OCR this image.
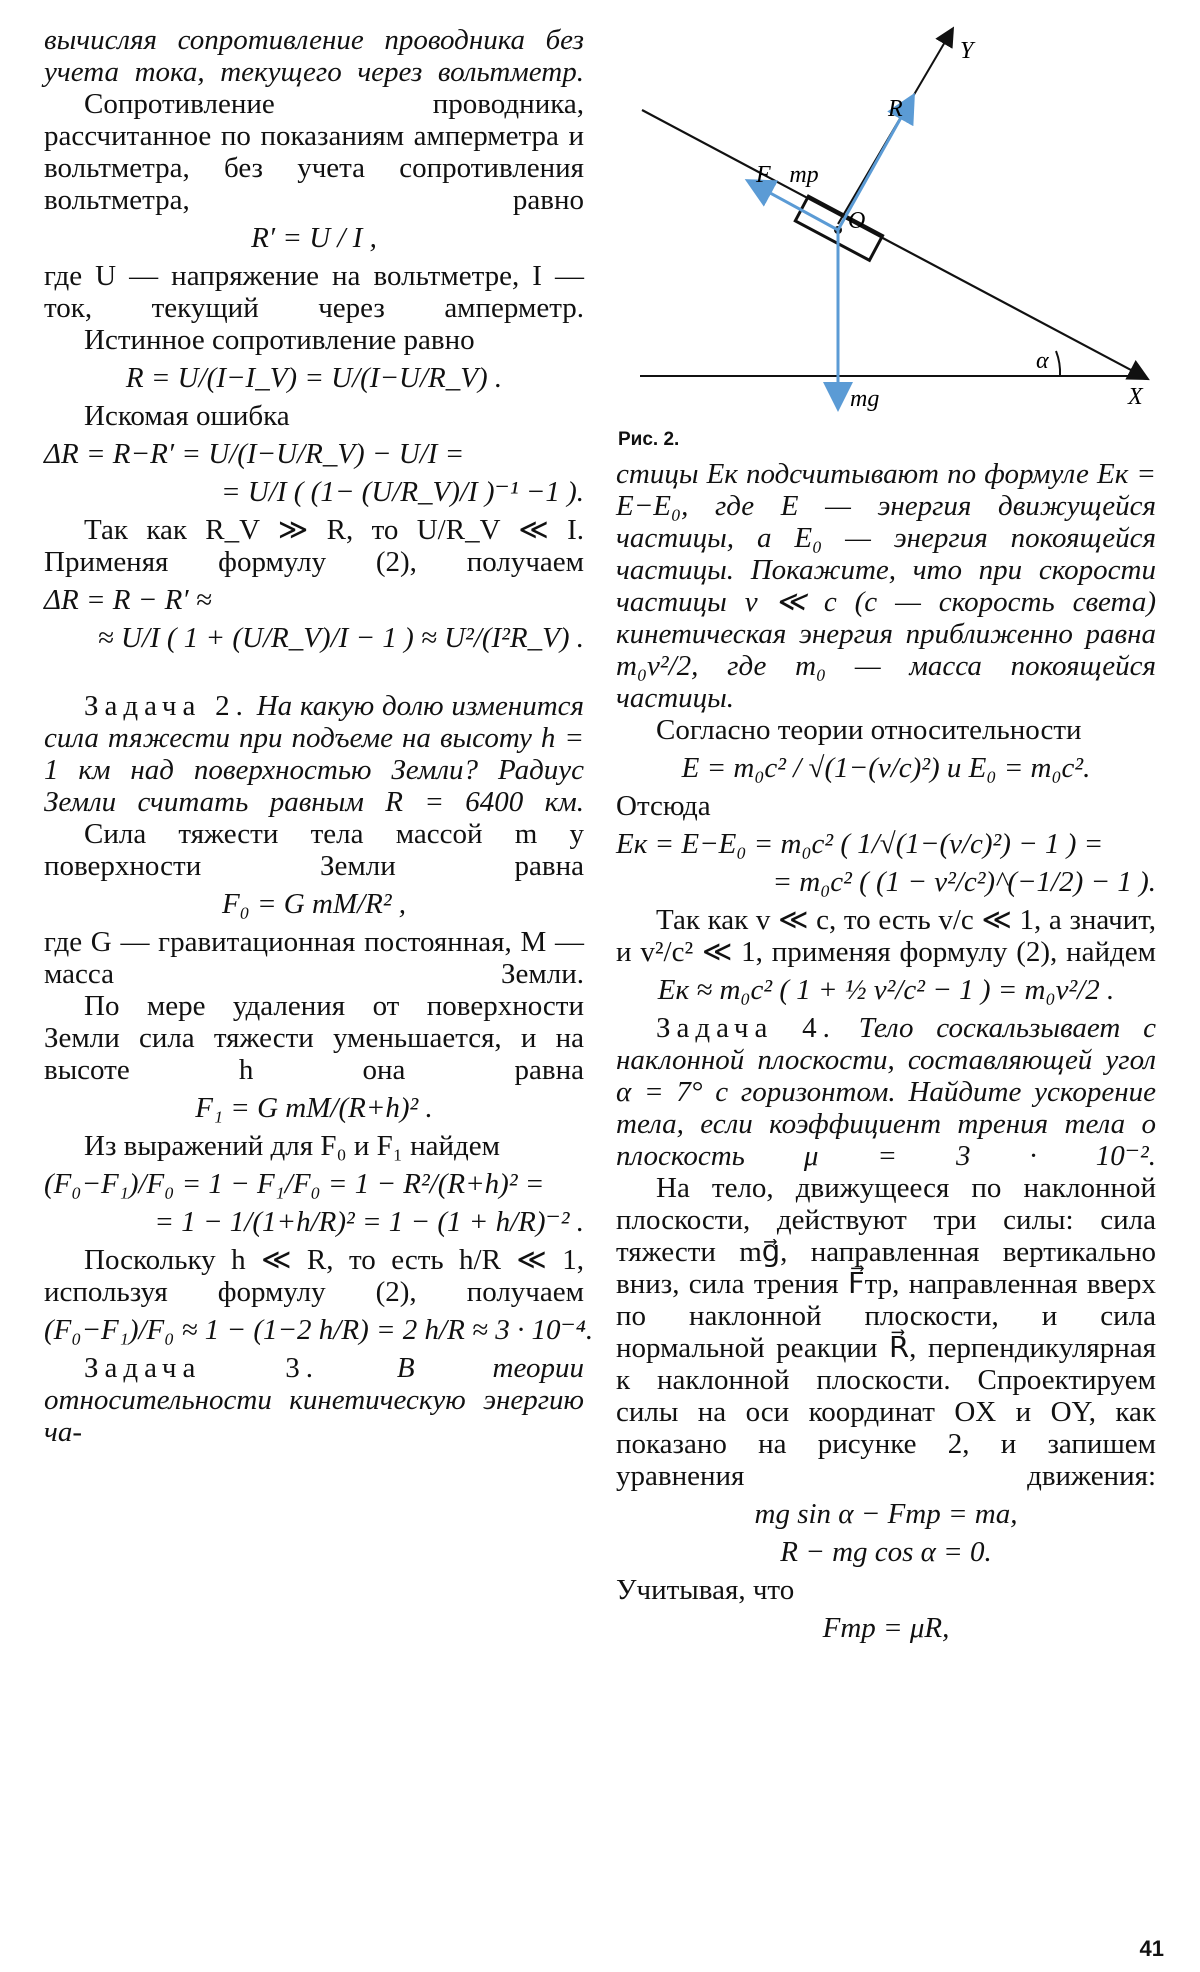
вычисляя сопротивление проводника без учета тока, текущего через вольтметр.

Сопротивление проводника, рассчитанное по показаниям амперметра и вольтметра, без учета сопротивления вольтметра, равно

R′ = U / I ,

где U — напряжение на вольтметре, I — ток, текущий через амперметр.

Истинное сопротивление равно

R = U/(I−I_V) = U/(I−U/R_V) .

Искомая ошибка

ΔR = R−R′ = U/(I−U/R_V) − U/I =

= U/I ( (1− (U/R_V)/I )⁻¹ −1 ).

Так как R_V ≫ R, то U/R_V ≪ I. Применяя формулу (2), получаем

ΔR = R − R′ ≈

≈ U/I ( 1 + (U/R_V)/I − 1 ) ≈ U²/(I²R_V) .

Задача 2. На какую долю изменится сила тяжести при подъеме на высоту h = 1 км над поверхностью Земли? Радиус Земли считать равным R = 6400 км.

Сила тяжести тела массой m у поверхности Земли равна

F₀ = G mM/R² ,

где G — гравитационная постоянная, M — масса Земли.

По мере удаления от поверхности Земли сила тяжести уменьшается, и на высоте h она равна

F₁ = G mM/(R+h)² .

Из выражений для F₀ и F₁ найдем

(F₀−F₁)/F₀ = 1 − F₁/F₀ = 1 − R²/(R+h)² =

= 1 − 1/(1+h/R)² = 1 − (1 + h/R)⁻² .

Поскольку h ≪ R, то есть h/R ≪ 1, используя формулу (2), получаем

(F₀−F₁)/F₀ ≈ 1 − (1−2 h/R) = 2 h/R ≈ 3 · 10⁻⁴.

Задача 3.	В теории относительности кинетическую энергию ча-

Y
R⃗
F⃗тр
O
α
X
mg⃗

Рис. 2.

стицы Eк подсчитывают по формуле Eк = E−E₀, где E — энергия движущейся частицы, а E₀ — энергия покоящейся частицы. Покажите, что при скорости частицы v ≪ c (c — скорость света) кинетическая энергия приближенно равна m₀v²/2, где m₀ — масса покоящейся частицы.

Согласно теории относительности

E = m₀c² / √(1−(v/c)²) и E₀ = m₀c².

Отсюда

Eк = E−E₀ = m₀c² ( 1/√(1−(v/c)²) − 1 ) =

= m₀c² ( (1 − v²/c²)^(−1/2) − 1 ).

Так как v ≪ c, то есть v/c ≪ 1, а значит, и v²/c² ≪ 1, применяя формулу (2), найдем

Eк ≈ m₀c² ( 1 + ½ v²/c² − 1 ) = m₀v²/2 .

Задача 4. Тело соскальзывает с наклонной плоскости, составляющей угол α = 7° с горизонтом. Найдите ускорение тела, если коэффициент трения тела о плоскость μ = 3 · 10⁻².

На тело, движущееся по наклонной плоскости, действуют три силы: сила тяжести mg⃗, направленная вертикально вниз, сила трения F⃗тр, направленная вверх по наклонной плоскости, и сила нормальной реакции R⃗, перпендикулярная к наклонной плоскости. Спроектируем силы на оси координат OX и OY, как показано на рисунке 2, и запишем уравнения движения:

mg sin α − Fтр = ma,

R − mg cos α = 0.

Учитывая, что

Fтр = μR,

41
